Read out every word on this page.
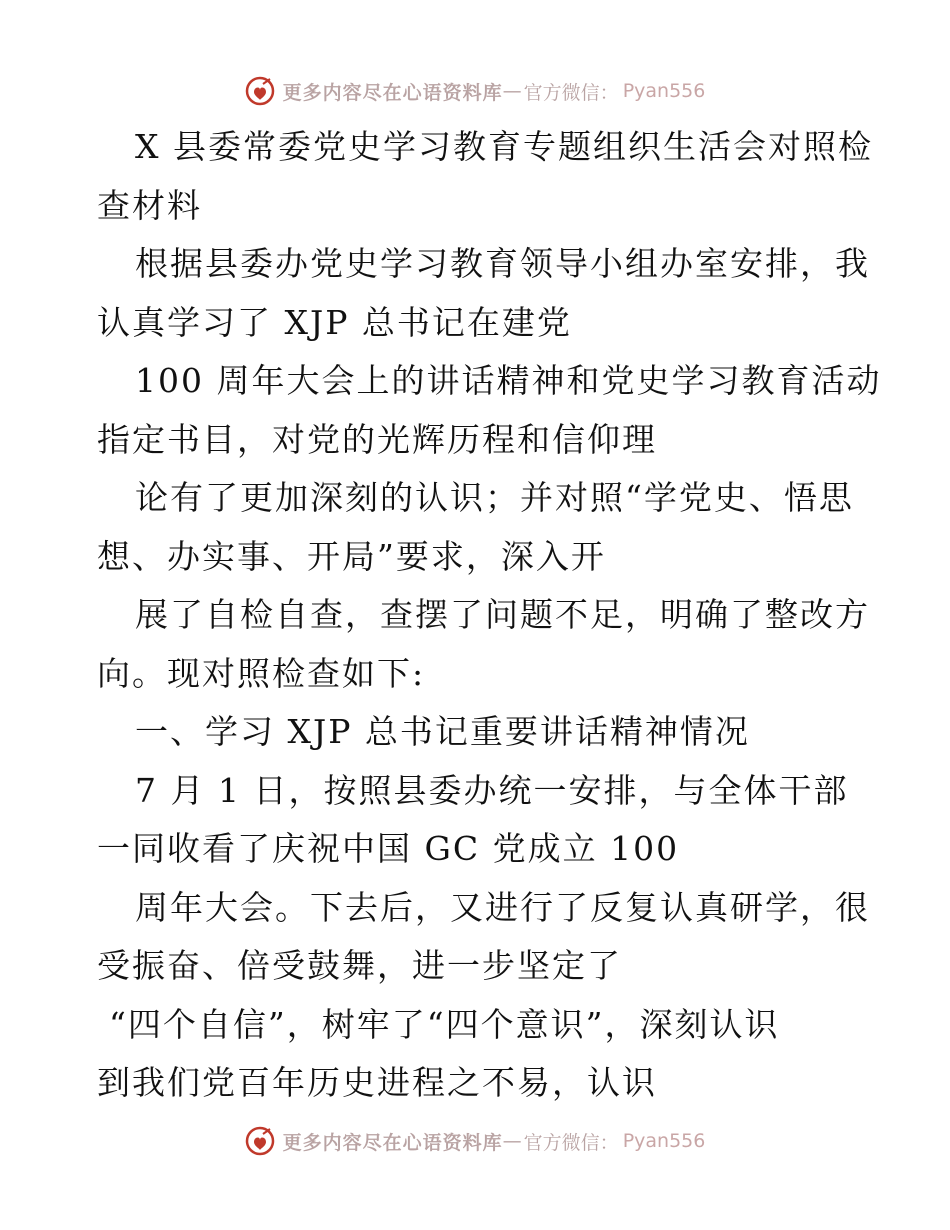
更多内容尽在心语资料库 — 官方微信： Pyan556
X 县委常委党史学习教育专题组织生活会对照检
查材料
根据县委办党史学习教育领导小组办室安排，我
认真学习了 XJP 总书记在建党
100 周年大会上的讲话精神和党史学习教育活动
指定书目，对党的光辉历程和信仰理
论有了更加深刻的认识；并对照“学党史、悟思
想、办实事、开局”要求，深入开
展了自检自查，查摆了问题不足，明确了整改方
向。现对照检查如下:
一、学习 XJP 总书记重要讲话精神情况
7 月 1 日，按照县委办统一安排，与全体干部
一同收看了庆祝中国 GC 党成立 100
周年大会。下去后，又进行了反复认真研学，很
受振奋、倍受鼓舞，进一步坚定了
“四个自信”，树牢了“四个意识”，深刻认识
到我们党百年历史进程之不易，认识
更多内容尽在心语资料库 — 官方微信： Pyan556
